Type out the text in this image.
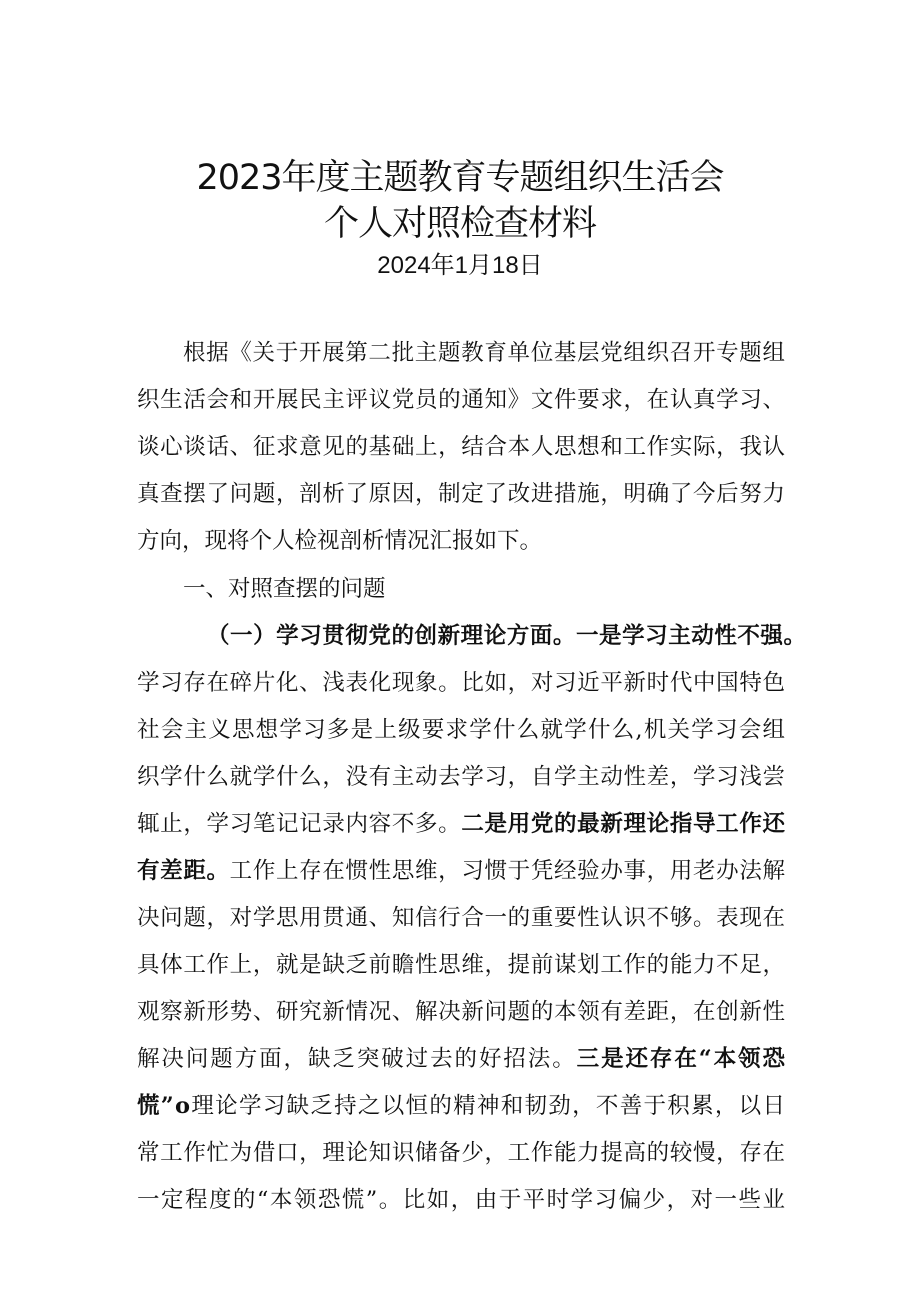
2023年度主题教育专题组织生活会
个人对照检查材料
2024年1月18日
根据《关于开展第二批主题教育单位基层党组织召开专题组
织生活会和开展民主评议党员的通知》文件要求，在认真学习、
谈心谈话、征求意见的基础上，结合本人思想和工作实际，我认
真查摆了问题，剖析了原因，制定了改进措施，明确了今后努力
方向，现将个人检视剖析情况汇报如下。
一、对照查摆的问题
（一）学习贯彻党的创新理论方面。一是学习主动性不强。
学习存在碎片化、浅表化现象。比如，对习近平新时代中国特色
社会主义思想学习多是上级要求学什么就学什么,机关学习会组
织学什么就学什么，没有主动去学习，自学主动性差，学习浅尝
辄止，学习笔记记录内容不多。二是用党的最新理论指导工作还
有差距。工作上存在惯性思维，习惯于凭经验办事，用老办法解
决问题，对学思用贯通、知信行合一的重要性认识不够。表现在
具体工作上，就是缺乏前瞻性思维，提前谋划工作的能力不足，
观察新形势、研究新情况、解决新问题的本领有差距，在创新性
解决问题方面，缺乏突破过去的好招法。三是还存在“本领恐
慌”o理论学习缺乏持之以恒的精神和韧劲，不善于积累，以日
常工作忙为借口，理论知识储备少，工作能力提高的较慢，存在
一定程度的“本领恐慌”。比如，由于平时学习偏少，对一些业
